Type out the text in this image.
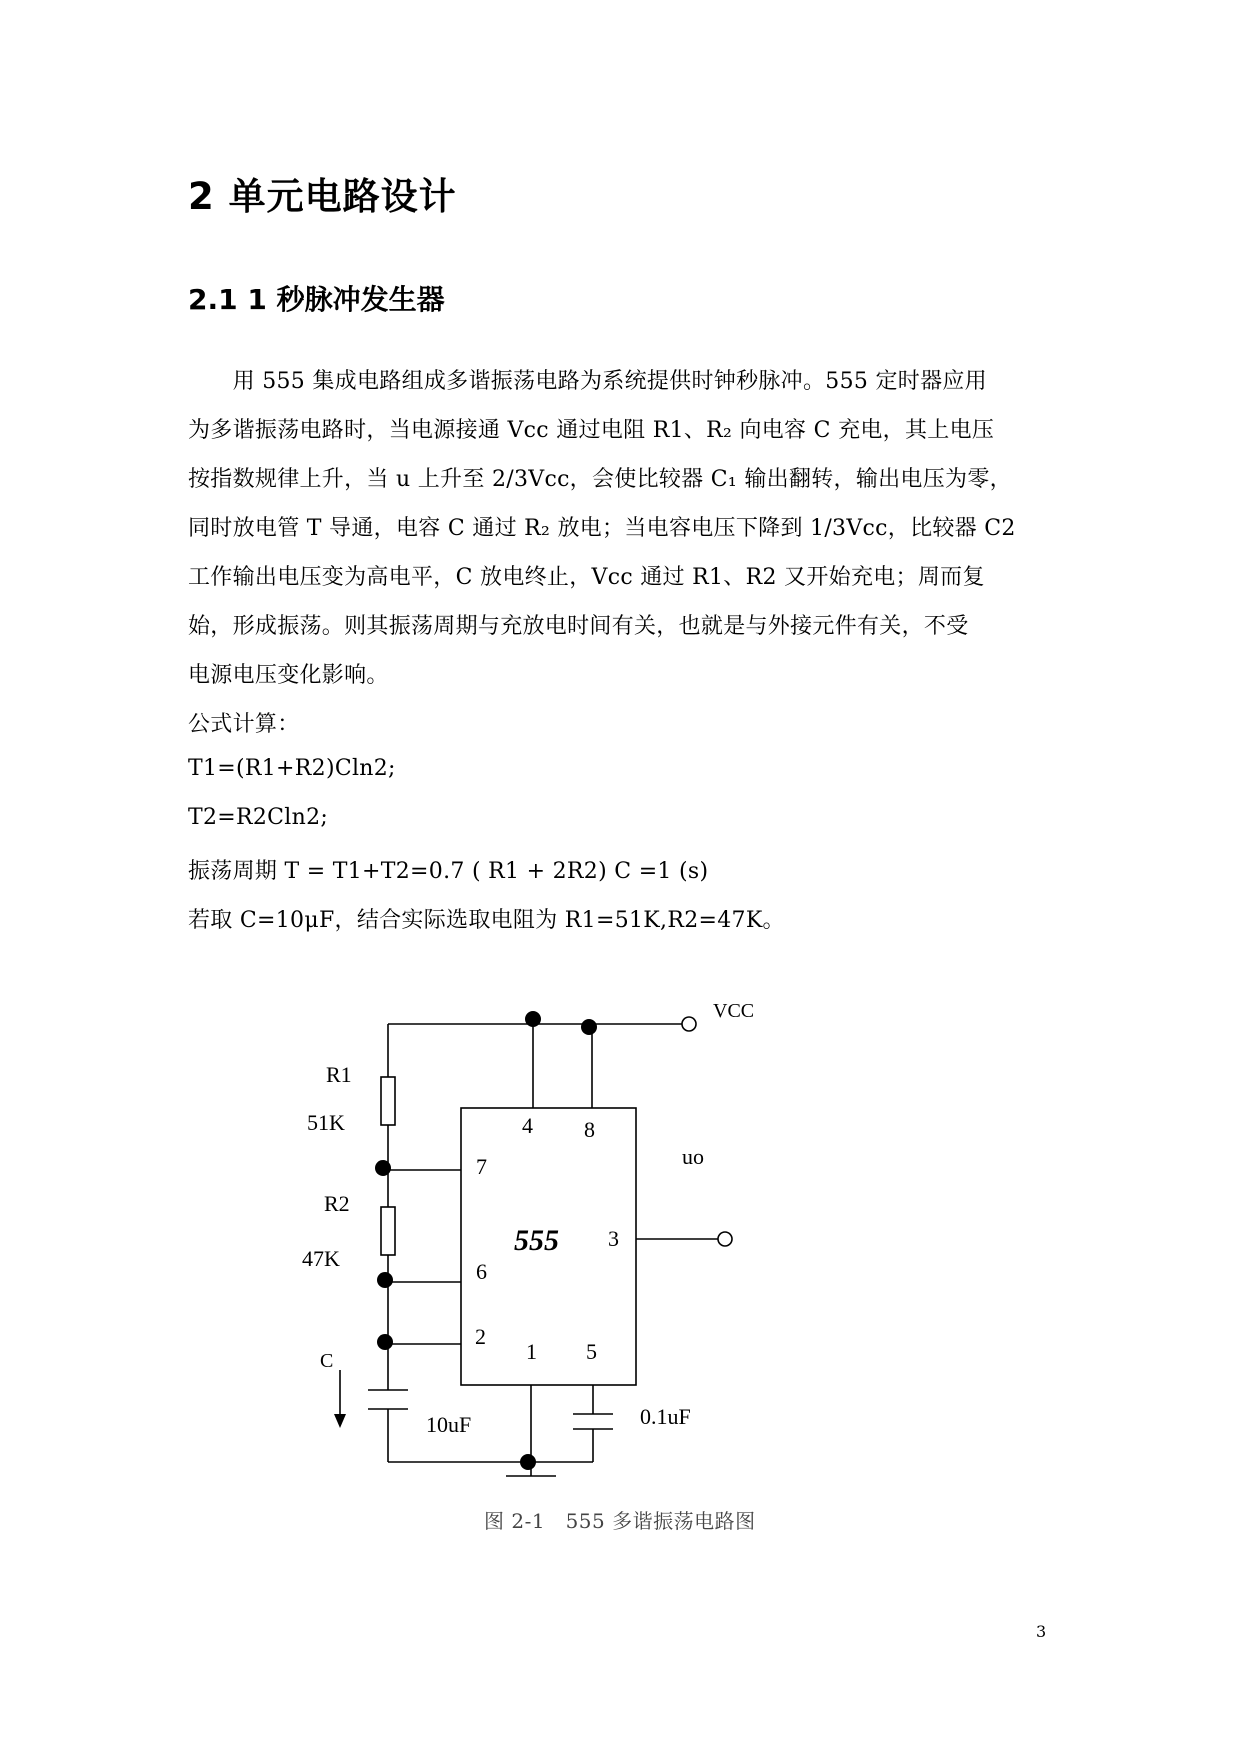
2 单元电路设计
2.1 1 秒脉冲发生器
　　用 555 集成电路组成多谐振荡电路为系统提供时钟秒脉冲。555 定时器应用
为多谐振荡电路时，当电源接通 Vcc 通过电阻 R1、R₂ 向电容 C 充电，其上电压
按指数规律上升，当 u 上升至 2/3Vcc，会使比较器 C₁ 输出翻转，输出电压为零，
同时放电管 T 导通，电容 C 通过 R₂ 放电；当电容电压下降到 1/3Vcc，比较器 C2
工作输出电压变为高电平，C 放电终止，Vcc 通过 R1、R2 又开始充电；周而复
始，形成振荡。则其振荡周期与充放电时间有关，也就是与外接元件有关，不受
电源电压变化影响。
公式计算：
T1=(R1+R2)Cln2;
T2=R2Cln2;
振荡周期 T = T1+T2=0.7 ( R1 + 2R2) C =1 (s)
若取 C=10μF，结合实际选取电阻为 R1=51K,R2=47K。
VCC
uo
555
R1
51K
R2
47K
C
10uF	0.1uF
4 8
7
3
6
2
1 5
图 2-1　555 多谐振荡电路图
3
